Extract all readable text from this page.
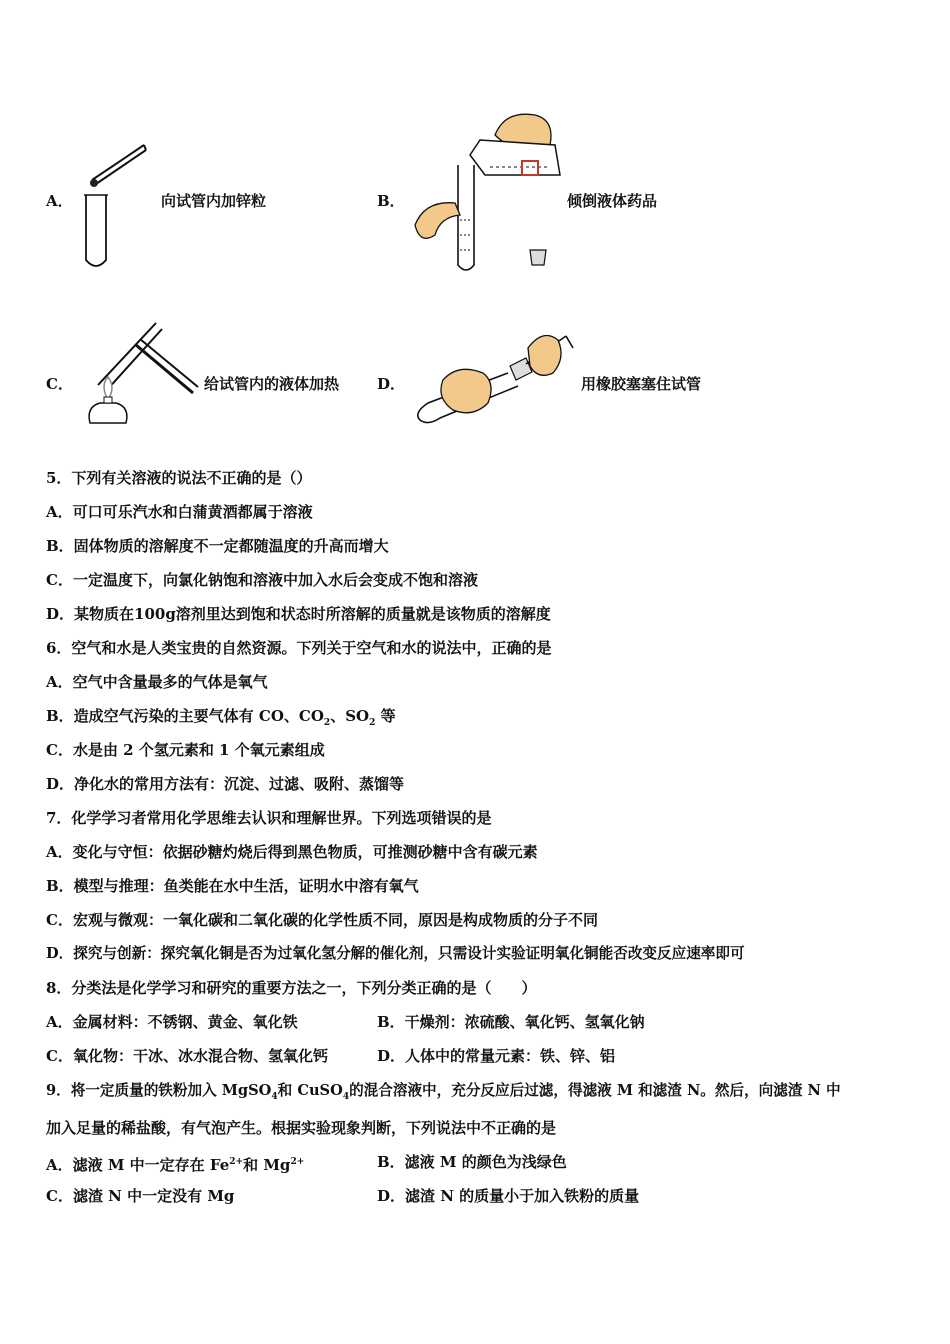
A．	向试管内加锌粒	B．	倾倒液体药品
C．	给试管内的液体加热	D．	用橡胶塞塞住试管
5．下列有关溶液的说法不正确的是（）
A．可口可乐汽水和白蒲黄酒都属于溶液
B．固体物质的溶解度不一定都随温度的升高而增大
C．一定温度下，向氯化钠饱和溶液中加入水后会变成不饱和溶液
D．某物质在100g溶剂里达到饱和状态时所溶解的质量就是该物质的溶解度
6．空气和水是人类宝贵的自然资源。下列关于空气和水的说法中，正确的是
A．空气中含量最多的气体是氧气
B．造成空气污染的主要气体有 CO、$CO_2$、$SO_2$ 等
C．水是由 2 个氢元素和 1 个氧元素组成
D．净化水的常用方法有：沉淀、过滤、吸附、蒸馏等
7．化学学习者常用化学思维去认识和理解世界。下列选项错误的是
A．变化与守恒：依据砂糖灼烧后得到黑色物质，可推测砂糖中含有碳元素
B．模型与推理：鱼类能在水中生活，证明水中溶有氧气
C．宏观与微观：一氧化碳和二氧化碳的化学性质不同，原因是构成物质的分子不同
D．探究与创新：探究氧化铜是否为过氧化氢分解的催化剂，只需设计实验证明氧化铜能否改变反应速率即可
8．分类法是化学学习和研究的重要方法之一，下列分类正确的是（　　）
A．金属材料：不锈钢、黄金、氧化铁	B．干燥剂：浓硫酸、氧化钙、氢氧化钠
C．氧化物：干冰、冰水混合物、氢氧化钙	D．人体中的常量元素：铁、锌、铝
9．将一定质量的铁粉加入 MgSO$_4$和 CuSO$_4$的混合溶液中，充分反应后过滤，得滤液 M 和滤渣 N。然后，向滤渣 N 中
加入足量的稀盐酸，有气泡产生。根据实验现象判断，下列说法中不正确的是
A．滤液 M 中一定存在 $Fe^{2+}$和 $Mg^{2+}$	B．滤液 M 的颜色为浅绿色
C．滤渣 N 中一定没有 Mg	D．滤渣 N 的质量小于加入铁粉的质量
